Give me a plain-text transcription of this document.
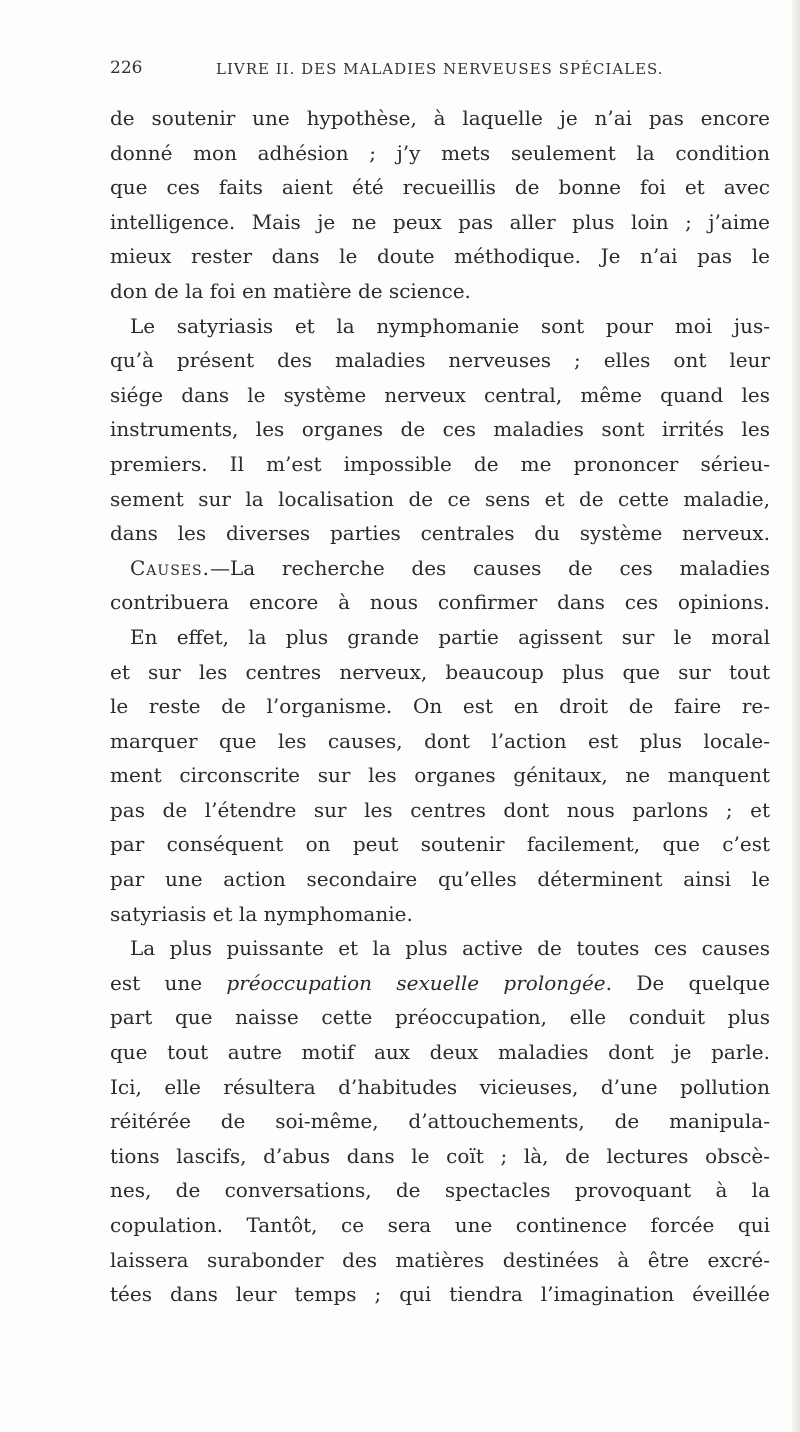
226	LIVRE II. DES MALADIES NERVEUSES SPÉCIALES.
de soutenir une hypothèse, à laquelle je n’ai pas encore
donné mon adhésion ; j’y mets seulement la condition
que ces faits aient été recueillis de bonne foi et avec
intelligence. Mais je ne peux pas aller plus loin ; j’aime
mieux rester dans le doute méthodique. Je n’ai pas le
don de la foi en matière de science.
Le satyriasis et la nymphomanie sont pour moi jus-
qu’à présent des maladies nerveuses ; elles ont leur
siége dans le système nerveux central, même quand les
instruments, les organes de ces maladies sont irrités les
premiers. Il m’est impossible de me prononcer sérieu-
sement sur la localisation de ce sens et de cette maladie,
dans les diverses parties centrales du système nerveux.
Causes.—La recherche des causes de ces maladies
contribuera encore à nous confirmer dans ces opinions.
En effet, la plus grande partie agissent sur le moral
et sur les centres nerveux, beaucoup plus que sur tout
le reste de l’organisme. On est en droit de faire re-
marquer que les causes, dont l’action est plus locale-
ment circonscrite sur les organes génitaux, ne manquent
pas de l’étendre sur les centres dont nous parlons ; et
par conséquent on peut soutenir facilement, que c’est
par une action secondaire qu’elles déterminent ainsi le
satyriasis et la nymphomanie.
La plus puissante et la plus active de toutes ces causes
est une préoccupation sexuelle prolongée. De quelque
part que naisse cette préoccupation, elle conduit plus
que tout autre motif aux deux maladies dont je parle.
Ici, elle résultera d’habitudes vicieuses, d’une pollution
réitérée de soi-même, d’attouchements, de manipula-
tions lascifs, d’abus dans le coït ; là, de lectures obscè-
nes, de conversations, de spectacles provoquant à la
copulation. Tantôt, ce sera une continence forcée qui
laissera surabonder des matières destinées à être excré-
tées dans leur temps ; qui tiendra l’imagination éveillée
